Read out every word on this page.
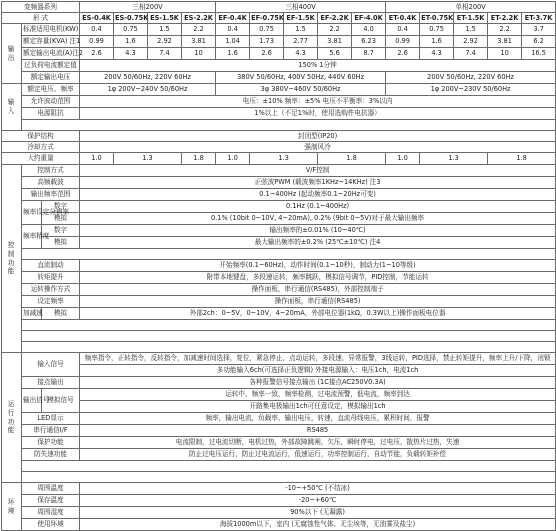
变频器系列			三相200V				三相400V					单相200V				
形 式			ES-0.4K	ES-0.75K	ES-1.5K	ES-2.2K	EF-0.4K	EF-0.75K	EF-1.5K	EF-2.2K	EF-4.0K	ET-0.4K	ET-0.75K	ET-1.5K	ET-2.2K	ET-3.7K

输
出	标准适用电机(KW)		0.4	0.75	1.5	2.2	0.4	0.75	1.5	2.2	4.0	0.4	0.75	1.5	2.2	3.7
	额定容量(KVA) 注1		0.99	1.6	2.92	3.81	1.04	1.73	2.77	3.81	6.23	0.99	1.6	2.92	3.81	6.2
	额定输出电流(A)注2		2.6	4.3	7.4	10	1.6	2.6	4.3	5.6	8.7	2.6	4.3	7.4	10	16.5
	过负荷电流额定值		150% 1分钟													
	额定输出电压		200V 50/60Hz, 220V 60Hz				380V 50/60Hz, 400V 50Hz, 440V 60Hz					200V 50/60Hz, 220V 60Hz				

输
入	额定电压、频率		1φ 200V~240V 50/60Hz				3φ 380V~460V 50/60Hz					1φ 200V~230V 50/60Hz				
	允许波动范围		电压：±10% 频率：±5% 电压不平衡率：3%以内													
	电源阻抗		1%以上（不足1%时，使用选购件电抗器）													

保护结构			封闭型(IP20)													
冷却方式			强制风冷													
大约重量			1.0	1.3		1.8	1.0	1.3		1.8		1.0	1.3		1.8	

控
制
功
能	控制方式		V/F控制													
	高频载波		正弦波PWM (载波频率1KHz~14KHz) 注3													
	输出频率范围		0.1~400Hz (起动频率0.1~20Hz可变)													
	频率设定分辨率	数字	0.1Hz (0.1~400Hz)													
		模拟	0.1% (10bit 0~10V, 4~20mA), 0.2% (9bit 0~5V)对于最大输出频率													
	频率精度	数字	输出频率的±0.01% (10~40℃)													
		模拟	最大输出频率的±0.2% (25℃±10℃) 注4													

	直流制动		开始频率(0.1~60Hz)，动作时间(0.1~10秒)，制动力(1~10等级)													
	转矩提升		附带本地键盘，多段速运转，频率跳跃，模拟信号调节，PID控制，节能运转													
	运转操作方式		操作面板，串行通信(RS485)，外部控制端子													
	设定频率		操作面板，串行通信(RS485)													
	加减速	模拟	外部2ch：0~5V，0~10V，4~20mA，外部电位器(1kΩ，0.3W以上)操作面板电位器													

运
行
功
能	输入信号		频率指令，正转指令，反转指令，加减速时间选择，复位，紧急停止，点动运转，多段速，异常报警，3线运转，PID选择，禁止转矩提升，频率上升/下降，闭锁													
			多功能输入6ch(可选择正负逻辑) 外接电源输入：电压1ch，电流1ch													
	接点输出		各种报警信号接点输出 (1C接点AC250V0.3A)													
	输出信号	模拟信号	运转中，频率一致，频率检测，过电流预警，低电流，频率到达													
			开路集电极输出1ch可任意设定，模拟输出1ch													
	LED显示		频率，输出电流，负载率，输出电压，转速，直流母线电压，累积时间，报警													
	串行通信I/F		RS485													
	保护功能		电流限制，过电流切断，电机过热，外部故障跳闸，欠压，瞬时停电，过电压，散热片过热，失速													
	防失速功能		防止过电压运行，防止过电流运行，低速运行，功率控制运行，自动节能，负载转矩补偿													

环
境	周围温度		-10~+50℃ (不结冰)													
	保存温度		-20~+60℃													
	周围湿度		90%以下 (无凝露)													
	使用环境		海拔1000m以下，室内 (无腐蚀性气体、无尘埃等，无油雾及盐尘)													
